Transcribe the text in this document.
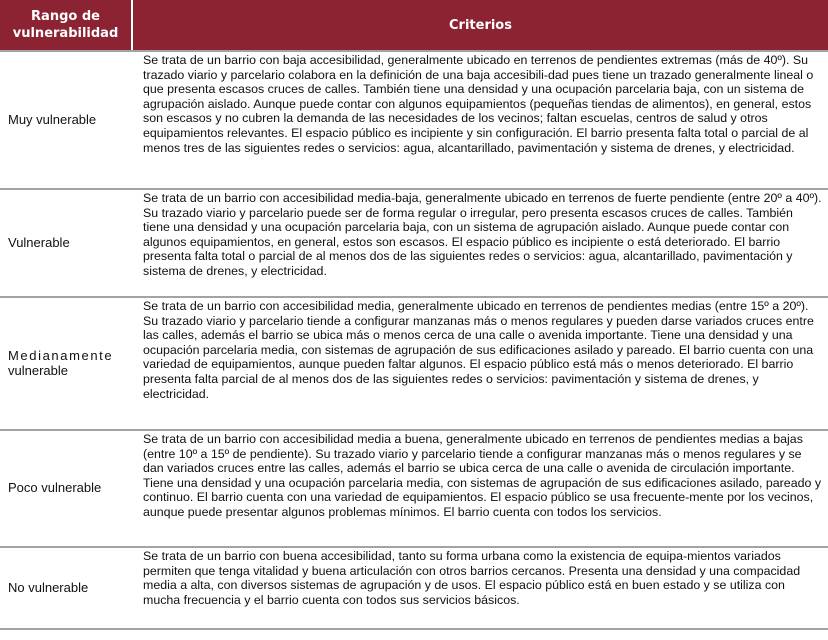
Rango de
vulnerabilidad
Criterios
Muy vulnerable
Se trata de un barrio con baja accesibilidad, generalmente ubicado en terrenos de pendientes extremas (más de 40º). Su trazado viario y parcelario colabora en la definición de una baja accesibili-dad pues tiene un trazado generalmente lineal o que presenta escasos cruces de calles. También tiene una densidad y una ocupación parcelaria baja, con un sistema de agrupación aislado. Aunque puede contar con algunos equipamientos (pequeñas tiendas de alimentos), en general, estos son escasos y no cubren la demanda de las necesidades de los vecinos; faltan escuelas, centros de salud y otros equipamientos relevantes. El espacio público es incipiente y sin configuración. El barrio presenta falta total o parcial de al menos tres de las siguientes redes o servicios: agua, alcantarillado, pavimentación y sistema de drenes, y electricidad.
Vulnerable
Se trata de un barrio con accesibilidad media-baja, generalmente ubicado en terrenos de fuerte pendiente (entre 20º a 40º). Su trazado viario y parcelario puede ser de forma regular o irregular, pero presenta escasos cruces de calles. También tiene una densidad y una ocupación parcelaria baja, con un sistema de agrupación aislado. Aunque puede contar con algunos equipamientos, en general, estos son escasos. El espacio público es incipiente o está deteriorado. El barrio presenta falta total o parcial de al menos dos de las siguientes redes o servicios: agua, alcantarillado, pavimentación y sistema de drenes, y electricidad.
Medianamente
vulnerable
Se trata de un barrio con accesibilidad media, generalmente ubicado en terrenos de pendientes medias (entre 15º a 20º). Su trazado viario y parcelario tiende a configurar manzanas más o menos regulares y pueden darse variados cruces entre las calles, además el barrio se ubica más o menos cerca de una calle o avenida importante. Tiene una densidad y una ocupación parcelaria media, con sistemas de agrupación de sus edificaciones asilado y pareado. El barrio cuenta con una variedad de equipamientos, aunque pueden faltar algunos. El espacio público está más o menos deteriorado. El barrio presenta falta parcial de al menos dos de las siguientes redes o servicios: pavimentación y sistema de drenes, y electricidad.
Poco vulnerable
Se trata de un barrio con accesibilidad media a buena, generalmente ubicado en terrenos de pendientes medias a bajas (entre 10º a 15º de pendiente). Su trazado viario y parcelario tiende a configurar manzanas más o menos regulares y se dan variados cruces entre las calles, además el barrio se ubica cerca de una calle o avenida de circulación importante. Tiene una densidad y una ocupación parcelaria media, con sistemas de agrupación de sus edificaciones asilado, pareado y continuo. El barrio cuenta con una variedad de equipamientos. El espacio público se usa frecuente-mente por los vecinos, aunque puede presentar algunos problemas mínimos. El barrio cuenta con todos los servicios.
No vulnerable
Se trata de un barrio con buena accesibilidad, tanto su forma urbana como la existencia de equipa-mientos variados permiten que tenga vitalidad y buena articulación con otros barrios cercanos. Presenta una densidad y una compacidad media a alta, con diversos sistemas de agrupación y de usos. El espacio público está en buen estado y se utiliza con mucha frecuencia y el barrio cuenta con todos sus servicios básicos.
